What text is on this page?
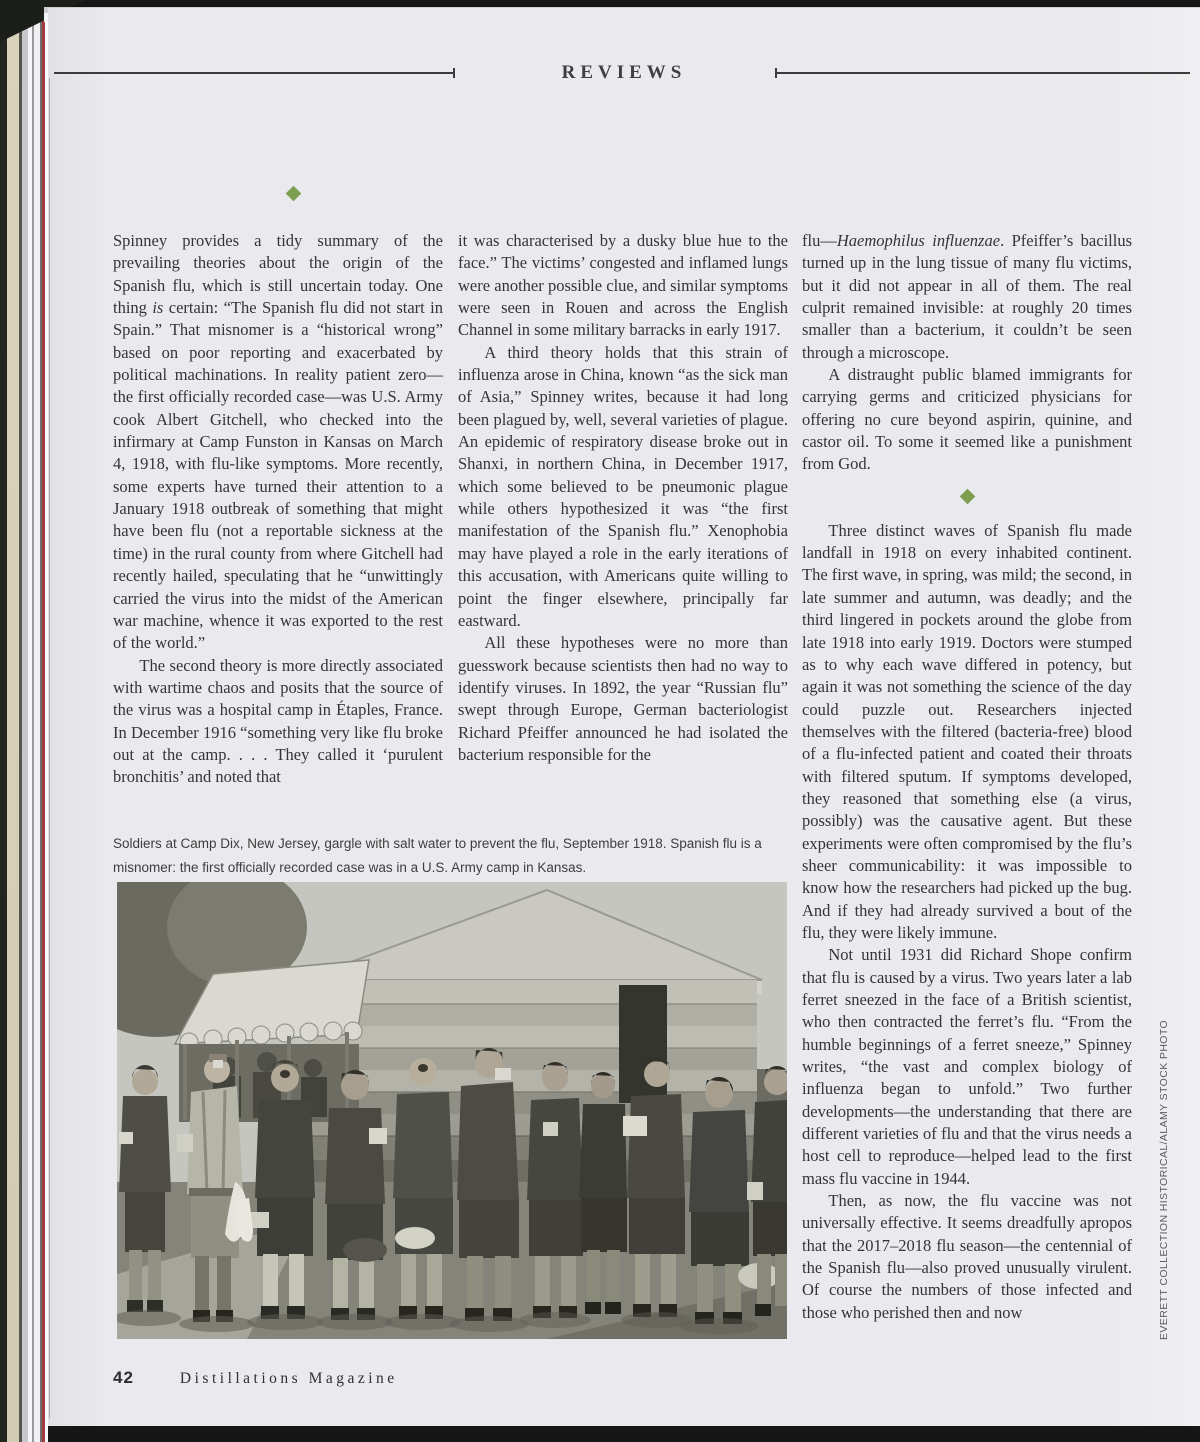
REVIEWS

Spinney provides a tidy summary of the prevailing theories about the origin of the Spanish flu, which is still uncertain today. One thing is certain: “The Spanish flu did not start in Spain.” That misnomer is a “historical wrong” based on poor reporting and exacerbated by political machinations. In reality patient zero—the first officially recorded case—was U.S. Army cook Albert Gitchell, who checked into the infirmary at Camp Funston in Kansas on March 4, 1918, with flu-like symptoms. More recently, some experts have turned their attention to a January 1918 outbreak of something that might have been flu (not a reportable sickness at the time) in the rural county from where Gitchell had recently hailed, speculating that he “unwittingly carried the virus into the midst of the American war machine, whence it was exported to the rest of the world.”

The second theory is more directly associated with wartime chaos and posits that the source of the virus was a hospital camp in Étaples, France. In December 1916 “something very like flu broke out at the camp. . . . They called it ‘purulent bronchitis’ and noted that

it was characterised by a dusky blue hue to the face.” The victims’ congested and inflamed lungs were another possible clue, and similar symptoms were seen in Rouen and across the English Channel in some military barracks in early 1917.

A third theory holds that this strain of influenza arose in China, known “as the sick man of Asia,” Spinney writes, because it had long been plagued by, well, several varieties of plague. An epidemic of respiratory disease broke out in Shanxi, in northern China, in December 1917, which some believed to be pneumonic plague while others hypothesized it was “the first manifestation of the Spanish flu.” Xenophobia may have played a role in the early iterations of this accusation, with Americans quite willing to point the finger elsewhere, principally far eastward.

All these hypotheses were no more than guesswork because scientists then had no way to identify viruses. In 1892, the year “Russian flu” swept through Europe, German bacteriologist Richard Pfeiffer announced he had isolated the bacterium responsible for the

flu—Haemophilus influenzae. Pfeiffer’s bacillus turned up in the lung tissue of many flu victims, but it did not appear in all of them. The real culprit remained invisible: at roughly 20 times smaller than a bacterium, it couldn’t be seen through a microscope.

A distraught public blamed immigrants for carrying germs and criticized physicians for offering no cure beyond aspirin, quinine, and castor oil. To some it seemed like a punishment from God.

Three distinct waves of Spanish flu made landfall in 1918 on every inhabited continent. The first wave, in spring, was mild; the second, in late summer and autumn, was deadly; and the third lingered in pockets around the globe from late 1918 into early 1919. Doctors were stumped as to why each wave differed in potency, but again it was not something the science of the day could puzzle out. Researchers injected themselves with the filtered (bacteria-free) blood of a flu-infected patient and coated their throats with filtered sputum. If symptoms developed, they reasoned that something else (a virus, possibly) was the causative agent. But these experiments were often compromised by the flu’s sheer communicability: it was impossible to know how the researchers had picked up the bug. And if they had already survived a bout of the flu, they were likely immune.

Not until 1931 did Richard Shope confirm that flu is caused by a virus. Two years later a lab ferret sneezed in the face of a British scientist, who then contracted the ferret’s flu. “From the humble beginnings of a ferret sneeze,” Spinney writes, “the vast and complex biology of influenza began to unfold.” Two further developments—the understanding that there are different varieties of flu and that the virus needs a host cell to reproduce—helped lead to the first mass flu vaccine in 1944.

Then, as now, the flu vaccine was not universally effective. It seems dreadfully apropos that the 2017–2018 flu season—the centennial of the Spanish flu—also proved unusually virulent. Of course the numbers of those infected and those who perished then and now

Soldiers at Camp Dix, New Jersey, gargle with salt water to prevent the flu, September 1918. Spanish flu is a misnomer: the first officially recorded case was in a U.S. Army camp in Kansas.
EVERETT COLLECTION HISTORICAL/ALAMY STOCK PHOTO
42	Distillations Magazine
